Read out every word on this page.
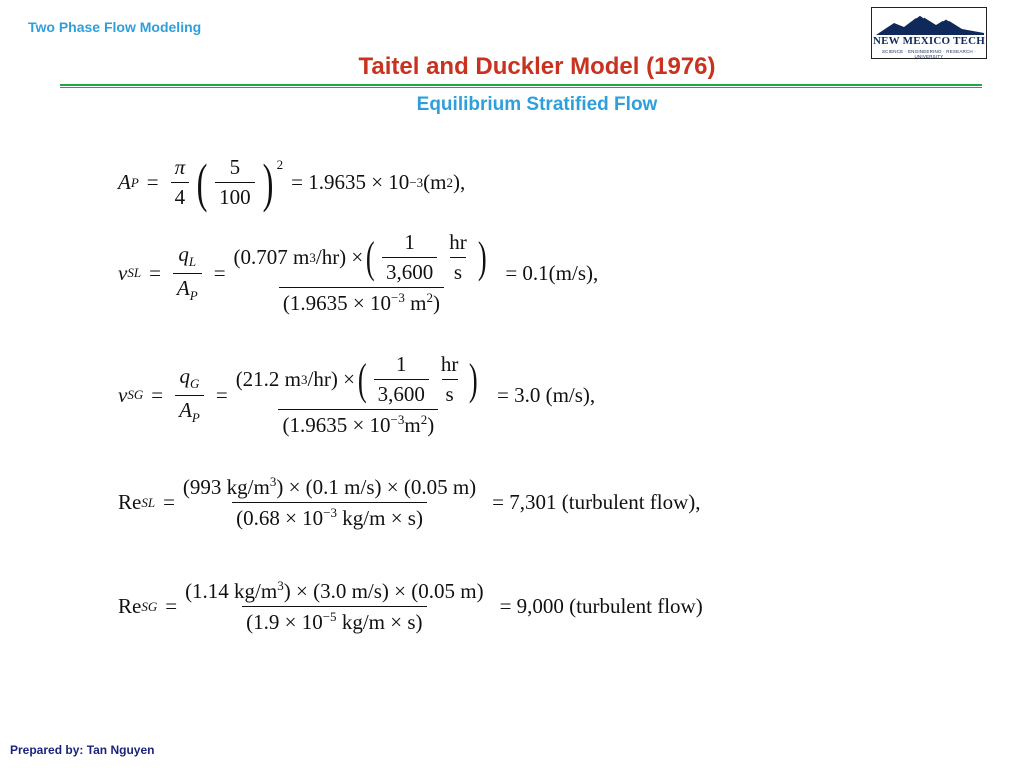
Two Phase Flow Modeling
NEW MEXICO TECH
SCIENCE · ENGINEERING · RESEARCH · UNIVERSITY
Taitel and Duckler Model (1976)
Equilibrium Stratified Flow
A $P = \frac{\pi}{4}$ ( $\frac{5}{100}$ ) $^2$
= 1.9635 × 10 −3 (m 2 ),
ν SL = $\frac{q_L}{A_P} = \frac{(0.707 m 3 /hr) \times ( \frac{1}{3,600} \frac{hr}{s} )}{(1.9635 \times 10^{-3} m^2)} = 0.1(m/s)$,
ν SG = $\frac{q_G}{A_P} = \frac{(21.2 m 3 /hr) \times ( \frac{1}{3,600} \frac{hr}{s} )}{(1.9635 \times 10^{-3}m^2)} = 3.0$ (m/s),
Re SL = $\frac{(993 kg/m^3) \times (0.1 m/s) \times (0.05 m)}{(0.68 \times 10^{-3} kg/m \times s)} = 7,301$ (turbulent flow),
Re SG = $\frac{(1.14 kg/m^3) \times (3.0 m/s) \times (0.05 m)}{(1.9 \times 10^{-5} kg/m \times s)} = 9,000$ (turbulent flow)
Prepared by: Tan Nguyen
